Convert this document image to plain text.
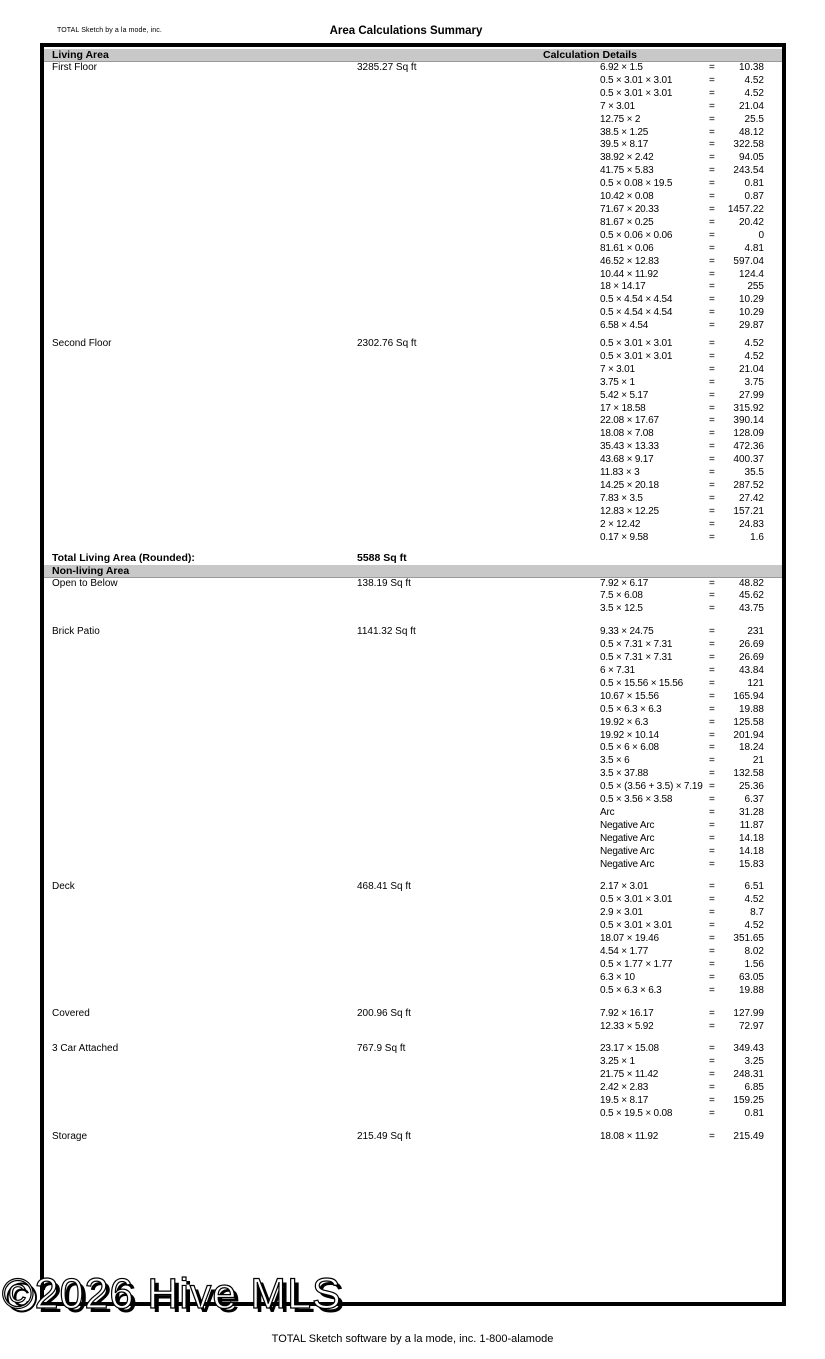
TOTAL Sketch by a la mode, inc.	Area Calculations Summary
Living Area	Calculation Details
First Floor	3285.27 Sq ft	6.92 × 1.5	=	10.38
0.5 × 3.01 × 3.01	=	4.52
0.5 × 3.01 × 3.01	=	4.52
7 × 3.01	=	21.04
12.75 × 2	=	25.5
38.5 × 1.25	=	48.12
39.5 × 8.17	=	322.58
38.92 × 2.42	=	94.05
41.75 × 5.83	=	243.54
0.5 × 0.08 × 19.5	=	0.81
10.42 × 0.08	=	0.87
71.67 × 20.33	=	1457.22
81.67 × 0.25	=	20.42
0.5 × 0.06 × 0.06	=	0
81.61 × 0.06	=	4.81
46.52 × 12.83	=	597.04
10.44 × 11.92	=	124.4
18 × 14.17	=	255
0.5 × 4.54 × 4.54	=	10.29
0.5 × 4.54 × 4.54	=	10.29
6.58 × 4.54	=	29.87
Second Floor	2302.76 Sq ft	0.5 × 3.01 × 3.01	=	4.52
0.5 × 3.01 × 3.01	=	4.52
7 × 3.01	=	21.04
3.75 × 1	=	3.75
5.42 × 5.17	=	27.99
17 × 18.58	=	315.92
22.08 × 17.67	=	390.14
18.08 × 7.08	=	128.09
35.43 × 13.33	=	472.36
43.68 × 9.17	=	400.37
11.83 × 3	=	35.5
14.25 × 20.18	=	287.52
7.83 × 3.5	=	27.42
12.83 × 12.25	=	157.21
2 × 12.42	=	24.83
0.17 × 9.58	=	1.6
Total Living Area (Rounded):	5588 Sq ft
Non-living Area
Open to Below	138.19 Sq ft	7.92 × 6.17	=	48.82
7.5 × 6.08	=	45.62
3.5 × 12.5	=	43.75
Brick Patio	1141.32 Sq ft	9.33 × 24.75	=	231
0.5 × 7.31 × 7.31	=	26.69
0.5 × 7.31 × 7.31	=	26.69
6 × 7.31	=	43.84
0.5 × 15.56 × 15.56	=	121
10.67 × 15.56	=	165.94
0.5 × 6.3 × 6.3	=	19.88
19.92 × 6.3	=	125.58
19.92 × 10.14	=	201.94
0.5 × 6 × 6.08	=	18.24
3.5 × 6	=	21
3.5 × 37.88	=	132.58
0.5 × (3.56 + 3.5) × 7.19 =	25.36
0.5 × 3.56 × 3.58	=	6.37
Arc	=	31.28
Negative Arc	=	11.87
Negative Arc	=	14.18
Negative Arc	=	14.18
Negative Arc	=	15.83
Deck	468.41 Sq ft	2.17 × 3.01	=	6.51
0.5 × 3.01 × 3.01	=	4.52
2.9 × 3.01	=	8.7
0.5 × 3.01 × 3.01	=	4.52
18.07 × 19.46	=	351.65
4.54 × 1.77	=	8.02
0.5 × 1.77 × 1.77	=	1.56
6.3 × 10	=	63.05
0.5 × 6.3 × 6.3	=	19.88
Covered	200.96 Sq ft	7.92 × 16.17	=	127.99
12.33 × 5.92	=	72.97
3 Car Attached	767.9 Sq ft	23.17 × 15.08	=	349.43
3.25 × 1	=	3.25
21.75 × 11.42	=	248.31
2.42 × 2.83	=	6.85
19.5 × 8.17	=	159.25
0.5 × 19.5 × 0.08	=	0.81
Storage	215.49 Sq ft	18.08 × 11.92	=	215.49
©2026 Hive MLS
TOTAL Sketch software by a la mode, inc. 1-800-alamode
